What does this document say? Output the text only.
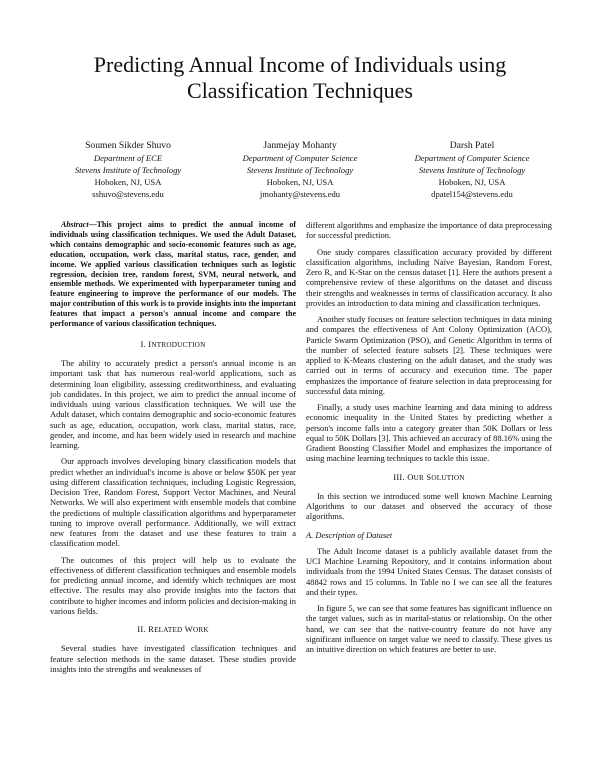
Predicting Annual Income of Individuals using
Classification Techniques
Soumen Sikder Shuvo
Department of ECE
Stevens Institute of Technology
Hoboken, NJ, USA
sshuvo@stevens.edu
Janmejay Mohanty
Department of Computer Science
Stevens Institute of Technology
Hoboken, NJ, USA
jmohanty@stevens.edu
Darsh Patel
Department of Computer Science
Stevens Institute of Technology
Hoboken, NJ, USA
dpatel154@stevens.edu

Abstract—This project aims to predict the annual income of individuals using classification techniques. We used the Adult Dataset, which contains demographic and socio-economic features such as age, education, occupation, work class, marital status, race, gender, and income. We applied various classification techniques such as logistic regression, decision tree, random forest, SVM, neural network, and ensemble methods. We experimented with hyperparameter tuning and feature engineering to improve the performance of our models. The major contribution of this work is to provide insights into the important features that impact a person's annual income and compare the performance of various classification techniques.

I. INTRODUCTION

The ability to accurately predict a person's annual income is an important task that has numerous real-world applications, such as determining loan eligibility, assessing creditworthiness, and evaluating job candidates. In this project, we aim to predict the annual income of individuals using various classification techniques. We will use the Adult dataset, which contains demographic and socio-economic features such as age, education, occupation, work class, marital status, race, gender, and income, and has been widely used in research and machine learning.

Our approach involves developing binary classification models that predict whether an individual's income is above or below $50K per year using different classification techniques, including Logistic Regression, Decision Tree, Random Forest, Support Vector Machines, and Neural Networks. We will also experiment with ensemble models that combine the predictions of multiple classification algorithms and hyperparameter tuning to improve overall performance. Additionally, we will extract new features from the dataset and use these features to train a classification model.

The outcomes of this project will help us to evaluate the effectiveness of different classification techniques and ensemble models for predicting annual income, and identify which techniques are most effective. The results may also provide insights into the factors that contribute to higher incomes and inform policies and decision-making in various fields.

II. RELATED WORK

Several studies have investigated classification techniques and feature selection methods in the same dataset. These studies provide insights into the strengths and weaknesses of

different algorithms and emphasize the importance of data preprocessing for successful prediction.

One study compares classification accuracy provided by different classification algorithms, including Naïve Bayesian, Random Forest, Zero R, and K-Star on the census dataset [1]. Here the authors present a comprehensive review of these algorithms on the dataset and discuss their strengths and weaknesses in terms of classification accuracy. It also provides an introduction to data mining and classification techniques.

Another study focuses on feature selection techniques in data mining and compares the effectiveness of Ant Colony Optimization (ACO), Particle Swarm Optimization (PSO), and Genetic Algorithm in terms of the number of selected feature subsets [2]. These techniques were applied to K-Means clustering on the adult dataset, and the study was carried out in terms of accuracy and execution time. The paper emphasizes the importance of feature selection in data preprocessing for successful data mining.

Finally, a study uses machine learning and data mining to address economic inequality in the United States by predicting whether a person's income falls into a category greater than 50K Dollars or less equal to 50K Dollars [3]. This achieved an accuracy of 88.16% using the Gradient Boosting Classifier Model and emphasizes the importance of using machine learning techniques to tackle this issue.

III. OUR SOLUTION

In this section we introduced some well known Machine Learning Algorithms to our dataset and observed the accuracy of those algorithms.

A. Description of Dataset

The Adult Income dataset is a publicly available dataset from the UCI Machine Learning Repository, and it contains information about individuals from the 1994 United States Census. The dataset consists of 48842 rows and 15 columns. In Table no I we can see all the features and their types.

In figure 5, we can see that some features has significant influence on the target values, such as in marital-status or relationship. On the other hand, we can see that the native-country feature do not have any significant influence on target value we need to classify. These gives us an intuitive direction on which features are better to use.
